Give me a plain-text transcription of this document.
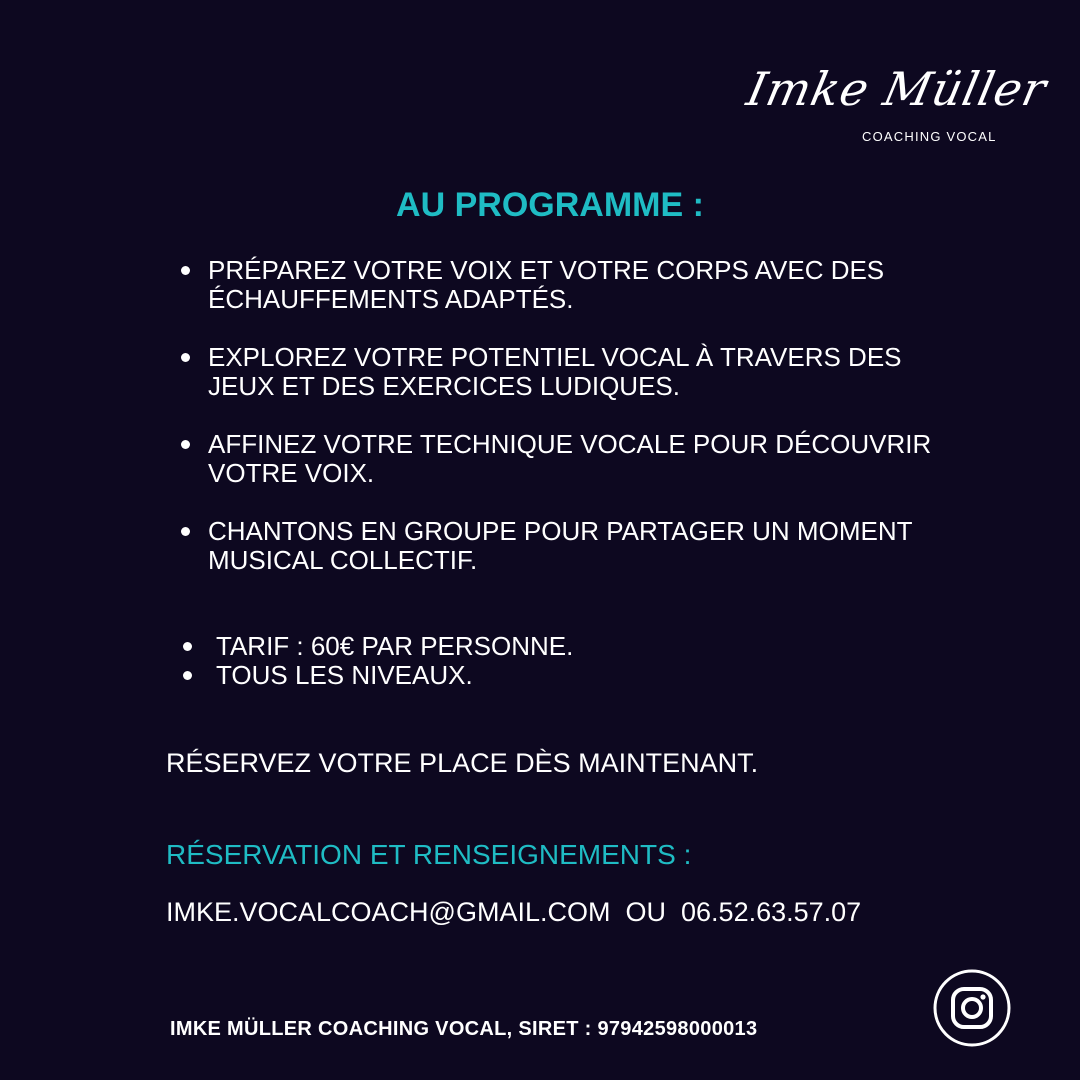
Imke Müller
COACHING VOCAL
AU PROGRAMME :
PRÉPAREZ VOTRE VOIX ET VOTRE CORPS AVEC DES ÉCHAUFFEMENTS ADAPTÉS.
EXPLOREZ VOTRE POTENTIEL VOCAL À TRAVERS DES JEUX ET DES EXERCICES LUDIQUES.
AFFINEZ VOTRE TECHNIQUE VOCALE POUR DÉCOUVRIR VOTRE VOIX.
CHANTONS EN GROUPE POUR PARTAGER UN MOMENT MUSICAL COLLECTIF.
TARIF : 60€ PAR PERSONNE.
TOUS LES NIVEAUX.
RÉSERVEZ VOTRE PLACE DÈS MAINTENANT.
RÉSERVATION ET RENSEIGNEMENTS :
IMKE.VOCALCOACH@GMAIL.COM OU 06.52.63.57.07
IMKE MÜLLER COACHING VOCAL, SIRET : 97942598000013
